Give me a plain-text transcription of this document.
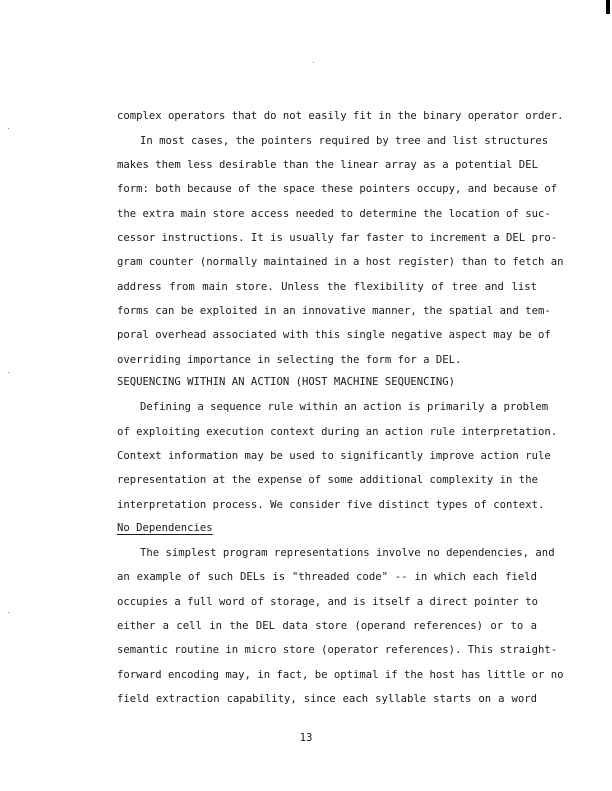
complex operators that do not easily fit in the binary operator order.
In most cases, the pointers required by tree and list structures
makes them less desirable than the linear array as a potential DEL
form: both because of the space these pointers occupy, and because of
the extra main store access needed to determine the location of suc-
cessor instructions. It is usually far faster to increment a DEL pro-
gram counter (normally maintained in a host register) than to fetch an
address from main store. Unless the flexibility of tree and list
forms can be exploited in an innovative manner, the spatial and tem-
poral overhead associated with this single negative aspect may be of
overriding importance in selecting the form for a DEL.
SEQUENCING WITHIN AN ACTION (HOST MACHINE SEQUENCING)
Defining a sequence rule within an action is primarily a problem
of exploiting execution context during an action rule interpretation.
Context information may be used to significantly improve action rule
representation at the expense of some additional complexity in the
interpretation process. We consider five distinct types of context.
No Dependencies
The simplest program representations involve no dependencies, and
an example of such DELs is "threaded code" -- in which each field
occupies a full word of storage, and is itself a direct pointer to
either a cell in the DEL data store (operand references) or to a
semantic routine in micro store (operator references). This straight-
forward encoding may, in fact, be optimal if the host has little or no
field extraction capability, since each syllable starts on a word
13
